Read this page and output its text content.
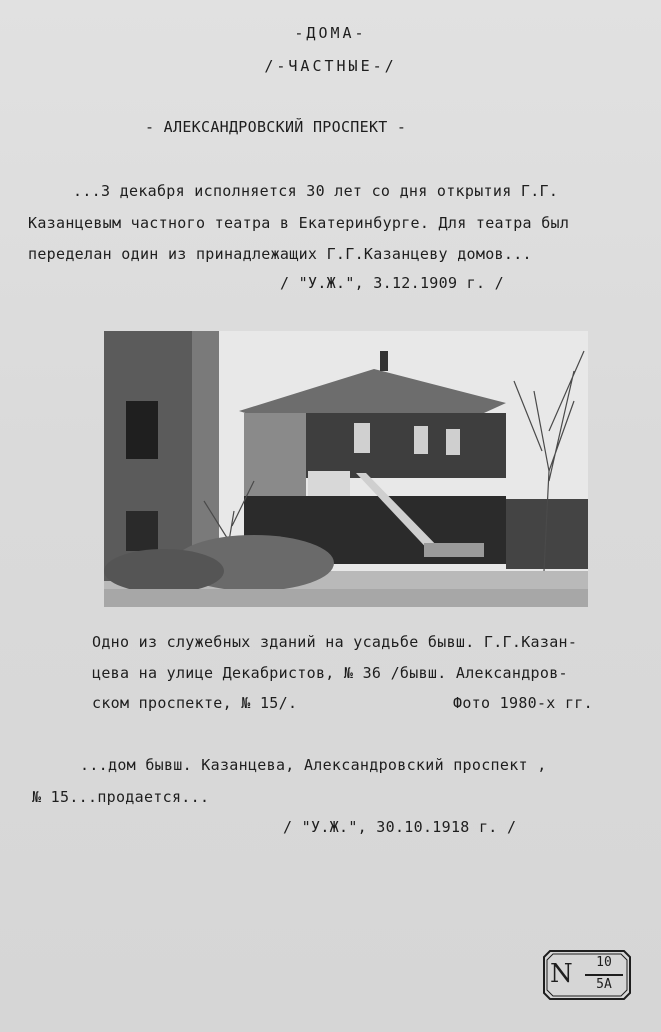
-ДОМА-
/-ЧАСТНЫЕ-/
- АЛЕКСАНДРОВСКИЙ ПРОСПЕКТ -
...3 декабря исполняется 30 лет со дня открытия Г.Г.
Казанцевым частного театра в Екатеринбурге. Для театра был
переделан один из принадлежащих Г.Г.Казанцеву домов...
/ "У.Ж.", 3.12.1909 г. /
Одно из служебных зданий на усадьбе бывш. Г.Г.Казан-
цева на улице Декабристов, № 36 /бывш. Александров-
ском проспекте, № 15/.	Фото 1980-х гг.
...дом бывш. Казанцева, Александровский проспект ,
№ 15...продается...
/ "У.Ж.", 30.10.1918 г. /
N	10
5А
